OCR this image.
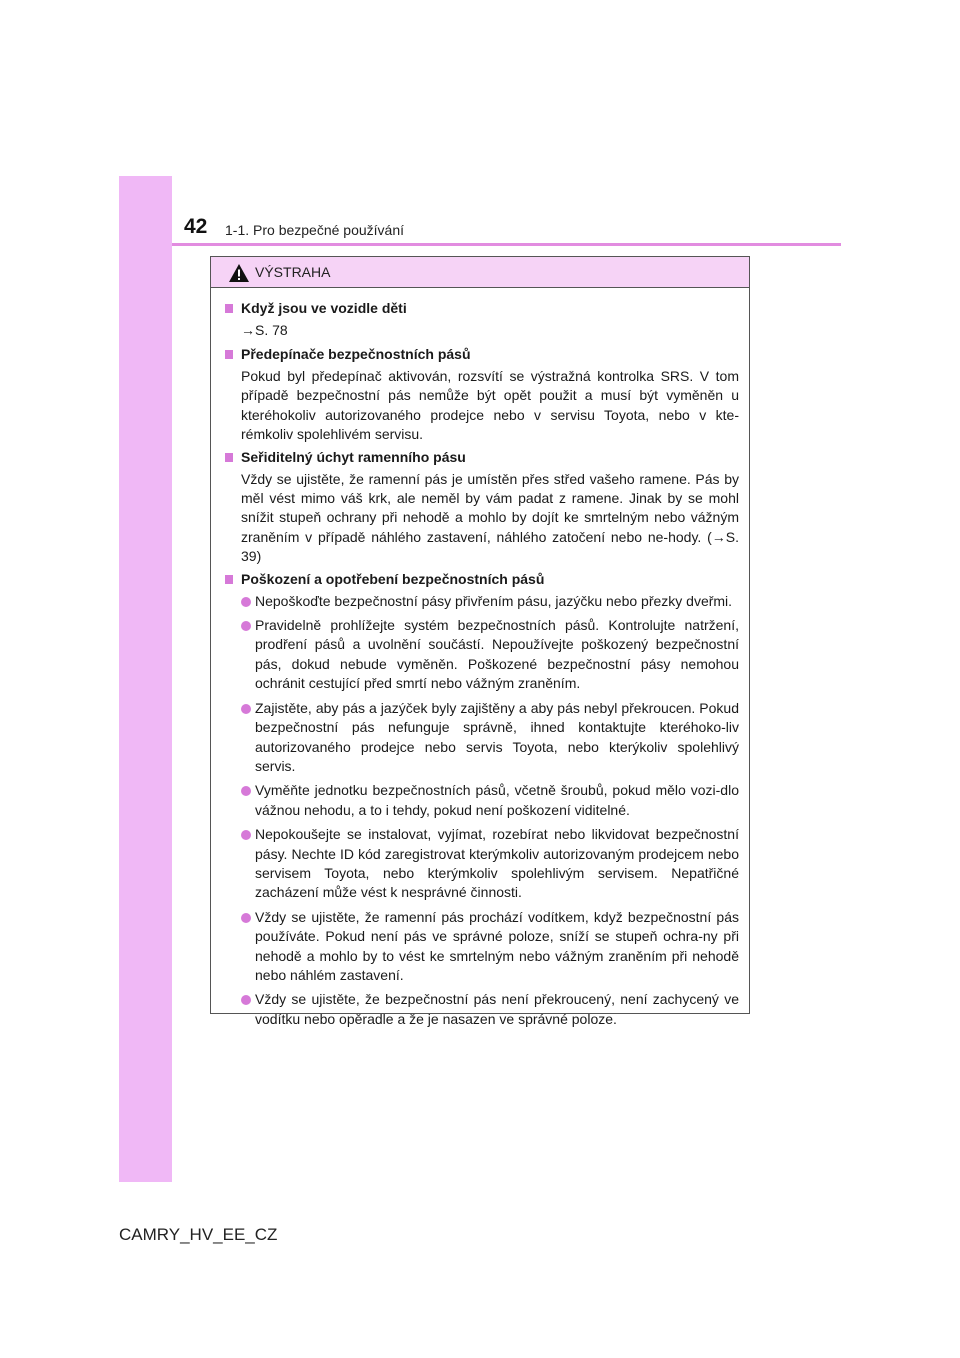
42 1-1. Pro bezpečné používání
VÝSTRAHA
Když jsou ve vozidle děti
→S. 78
Předepínače bezpečnostních pásů
Pokud byl předepínač aktivován, rozsvítí se výstražná kontrolka SRS. V tom případě bezpečnostní pás nemůže být opět použit a musí být vyměněn u kteréhokoliv autorizovaného prodejce nebo v servisu Toyota, nebo v kte-rémkoliv spolehlivém servisu.
Seřiditelný úchyt ramenního pásu
Vždy se ujistěte, že ramenní pás je umístěn přes střed vašeho ramene. Pás by měl vést mimo váš krk, ale neměl by vám padat z ramene. Jinak by se mohl snížit stupeň ochrany při nehodě a mohlo by dojít ke smrtelným nebo vážným zraněním v případě náhlého zastavení, náhlého zatočení nebo ne-hody. (→S. 39)
Poškození a opotřebení bezpečnostních pásů
Nepoškoďte bezpečnostní pásy přivřením pásu, jazýčku nebo přezky dveřmi.
Pravidelně prohlížejte systém bezpečnostních pásů. Kontrolujte natržení, prodření pásů a uvolnění součástí. Nepoužívejte poškozený bezpečnostní pás, dokud nebude vyměněn. Poškozené bezpečnostní pásy nemohou ochránit cestující před smrtí nebo vážným zraněním.
Zajistěte, aby pás a jazýček byly zajištěny a aby pás nebyl překroucen. Pokud bezpečnostní pás nefunguje správně, ihned kontaktujte kteréhoko-liv autorizovaného prodejce nebo servis Toyota, nebo kterýkoliv spolehlivý servis.
Vyměňte jednotku bezpečnostních pásů, včetně šroubů, pokud mělo vozi-dlo vážnou nehodu, a to i tehdy, pokud není poškození viditelné.
Nepokoušejte se instalovat, vyjímat, rozebírat nebo likvidovat bezpečnostní pásy. Nechte ID kód zaregistrovat kterýmkoliv autorizovaným prodejcem nebo servisem Toyota, nebo kterýmkoliv spolehlivým servisem. Nepatřičné zacházení může vést k nesprávné činnosti.
Vždy se ujistěte, že ramenní pás prochází vodítkem, když bezpečnostní pás používáte. Pokud není pás ve správné poloze, sníží se stupeň ochra-ny při nehodě a mohlo by to vést ke smrtelným nebo vážným zraněním při nehodě nebo náhlém zastavení.
Vždy se ujistěte, že bezpečnostní pás není překroucený, není zachycený ve vodítku nebo opěradle a že je nasazen ve správné poloze.
CAMRY_HV_EE_CZ
